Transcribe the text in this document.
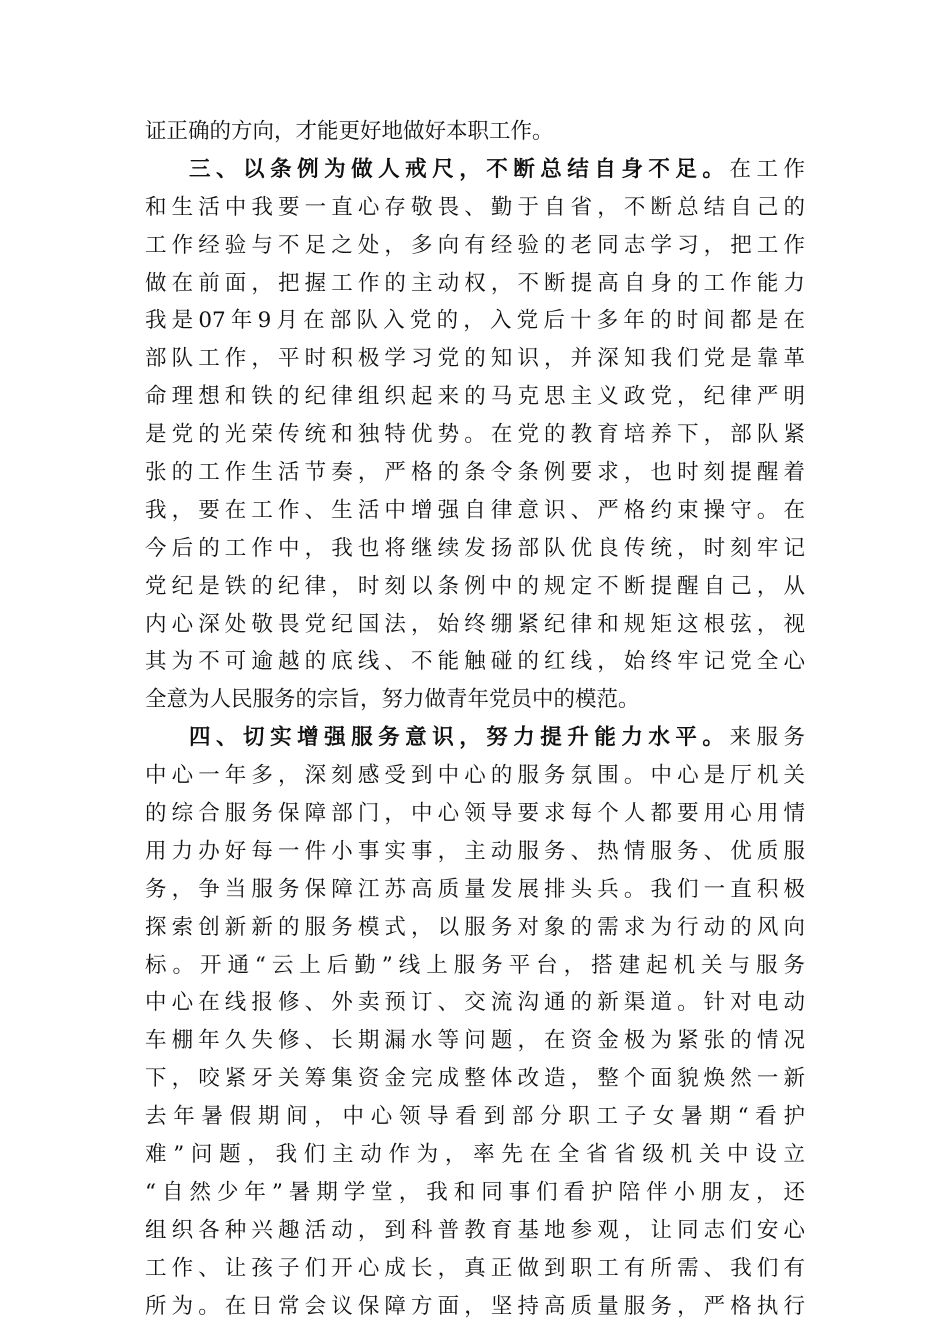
证正确的方向，才能更好地做好本职工作。
三、以条例为做人戒尺，不断总结自身不足。在工作
和生活中我要一直心存敬畏、勤于自省，不断总结自己的
工作经验与不足之处，多向有经验的老同志学习，把工作
做在前面，把握工作的主动权，不断提高自身的工作能力
我是07年9月在部队入党的，入党后十多年的时间都是在
部队工作，平时积极学习党的知识，并深知我们党是靠革
命理想和铁的纪律组织起来的马克思主义政党，纪律严明
是党的光荣传统和独特优势。在党的教育培养下，部队紧
张的工作生活节奏，严格的条令条例要求，也时刻提醒着
我，要在工作、生活中增强自律意识、严格约束操守。在
今后的工作中，我也将继续发扬部队优良传统，时刻牢记
党纪是铁的纪律，时刻以条例中的规定不断提醒自己，从
内心深处敬畏党纪国法，始终绷紧纪律和规矩这根弦，视
其为不可逾越的底线、不能触碰的红线，始终牢记党全心
全意为人民服务的宗旨，努力做青年党员中的模范。
四、切实增强服务意识，努力提升能力水平。来服务
中心一年多，深刻感受到中心的服务氛围。中心是厅机关
的综合服务保障部门，中心领导要求每个人都要用心用情
用力办好每一件小事实事，主动服务、热情服务、优质服
务，争当服务保障江苏高质量发展排头兵。我们一直积极
探索创新新的服务模式，以服务对象的需求为行动的风向
标。开通“云上后勤”线上服务平台，搭建起机关与服务
中心在线报修、外卖预订、交流沟通的新渠道。针对电动
车棚年久失修、长期漏水等问题，在资金极为紧张的情况
下，咬紧牙关筹集资金完成整体改造，整个面貌焕然一新
去年暑假期间，中心领导看到部分职工子女暑期“看护
难”问题，我们主动作为，率先在全省省级机关中设立
“自然少年”暑期学堂，我和同事们看护陪伴小朋友，还
组织各种兴趣活动，到科普教育基地参观，让同志们安心
工作、让孩子们开心成长，真正做到职工有所需、我们有
所为。在日常会议保障方面，坚持高质量服务，严格执行
